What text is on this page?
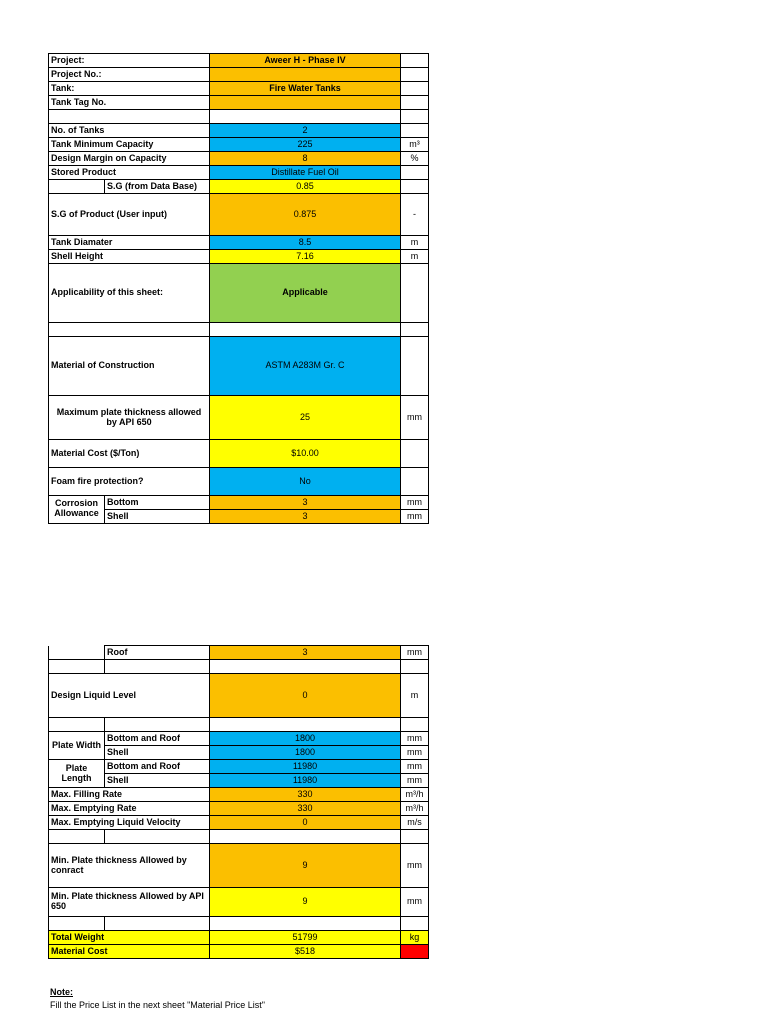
Project:		Aweer H - Phase IV	
Project No.:			
Tank:		Fire Water Tanks	
Tank Tag No.			

No. of Tanks		2	
Tank Minimum Capacity		225	m³
Design Margin on Capacity		8	%
Stored Product		Distillate Fuel Oil	
	S.G (from Data Base)	0.85	
S.G of Product (User input)		0.875	-
Tank Diamater		8.5	m
Shell Height		7.16	m
Applicability of this sheet:		Applicable	

Material of Construction		ASTM A283M Gr. C	
Maximum plate thickness allowed by API 650		25	mm
Material Cost ($/Ton)		$10.00	
Foam fire protection?		No	
Corrosion Allowance	Bottom	3	mm
	Shell	3	mm
	Roof	3	mm

Design Liquid Level		0	m

Plate Width	Bottom and Roof	1800	mm
	Shell	1800	mm
Plate Length	Bottom and Roof	11980	mm
	Shell	11980	mm
Max. Filling Rate		330	m³/h
Max. Emptying Rate		330	m³/h
Max. Emptying Liquid Velocity		0	m/s

Min. Plate thickness Allowed by conract		9	mm
Min. Plate thickness Allowed by API 650		9	mm

Total Weight		51799	kg
Material Cost		$518	
Note:
Fill the Price List in the next sheet "Material Price List"
